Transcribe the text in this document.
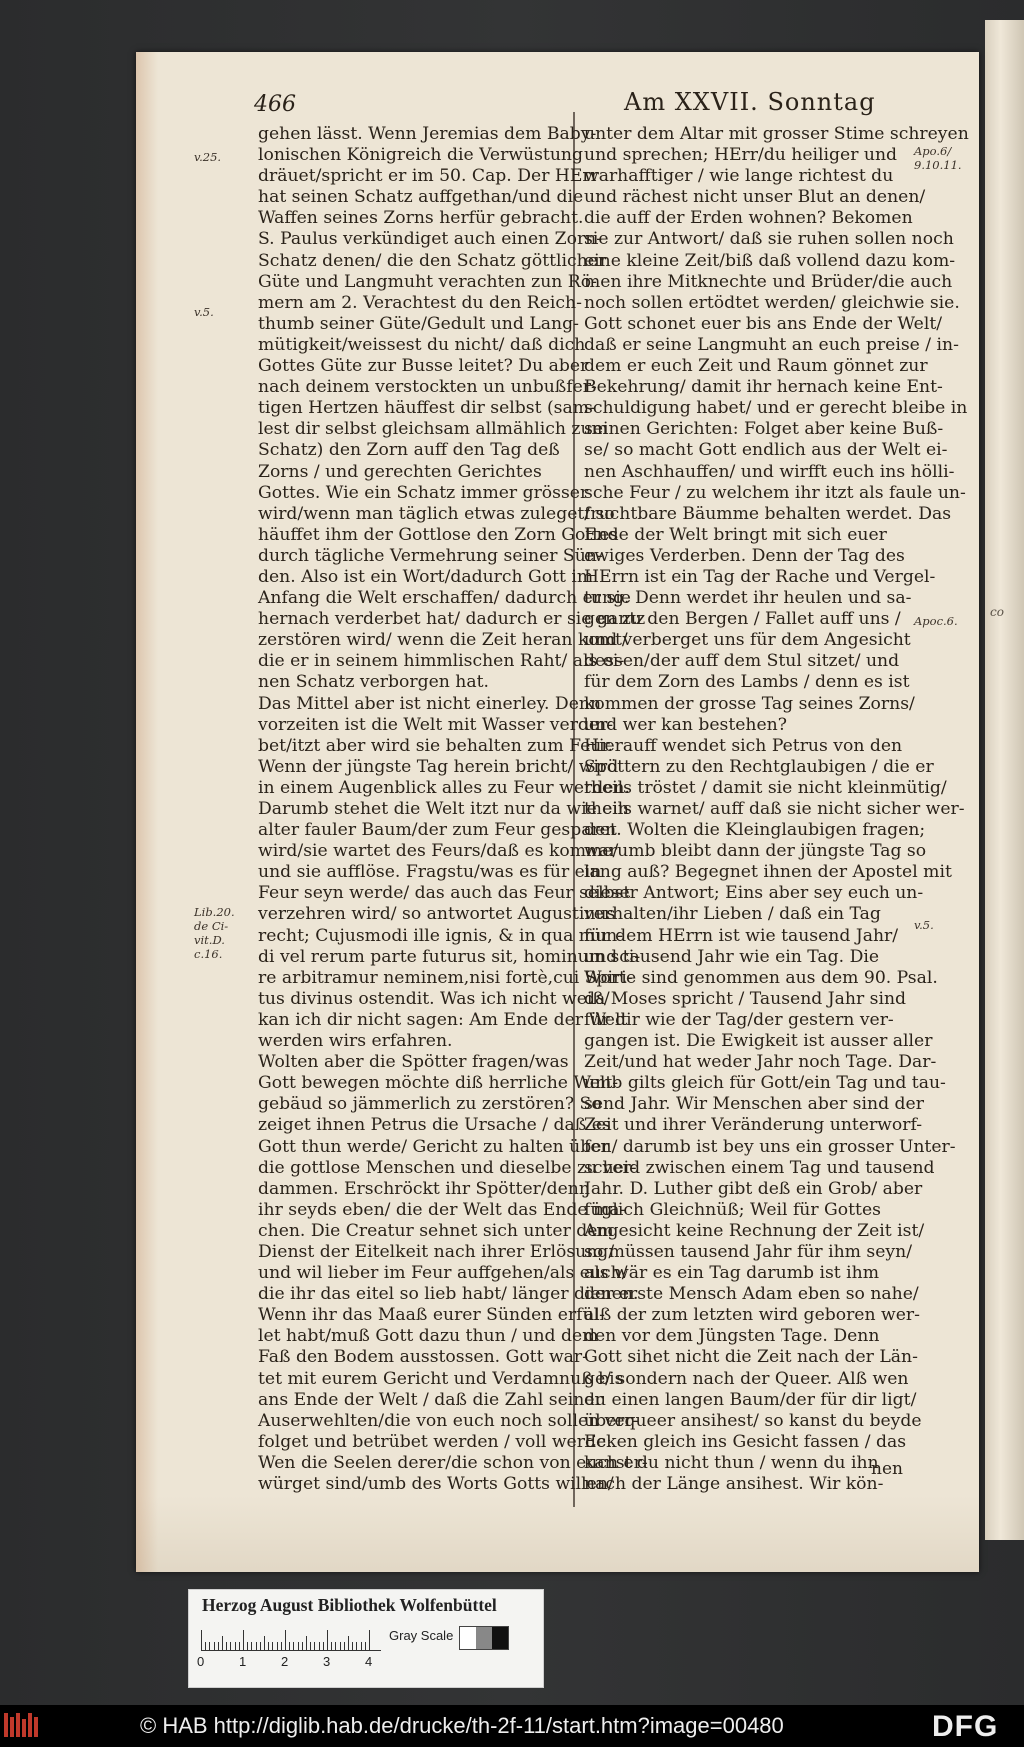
co
466	Am XXVII. Sonntag
gehen lässt. Wenn Jeremias dem Baby-
lonischen Königreich die Verwüstung
dräuet/spricht er im 50. Cap. Der HErr
hat seinen Schatz auffgethan/und die
Waffen seines Zorns herfür gebracht.
S. Paulus verkündiget auch einen Zorn-
Schatz denen/ die den Schatz göttlicher
Güte und Langmuht verachten zun Rö-
mern am 2. Verachtest du den Reich-
thumb seiner Güte/Gedult und Lang-
mütigkeit/weissest du nicht/ daß dich
Gottes Güte zur Busse leitet? Du aber
nach deinem verstockten un unbußfer-
tigen Hertzen häuffest dir selbst (sam-
lest dir selbst gleichsam allmählich zum
Schatz) den Zorn auff den Tag deß
Zorns / und gerechten Gerichtes
Gottes. Wie ein Schatz immer grösser
wird/wenn man täglich etwas zuleget/ so
häuffet ihm der Gottlose den Zorn Gottes
durch tägliche Vermehrung seiner Sün-
den. Also ist ein Wort/dadurch Gott im
Anfang die Welt erschaffen/ dadurch er sie
hernach verderbet hat/ dadurch er sie gantz
zerstören wird/ wenn die Zeit heran komt/
die er in seinem himmlischen Raht/ als ei-
nen Schatz verborgen hat.
Das Mittel aber ist nicht einerley. Denn
vorzeiten ist die Welt mit Wasser verder-
bet/itzt aber wird sie behalten zum Feur.
Wenn der jüngste Tag herein bricht/ wird
in einem Augenblick alles zu Feur werden.
Darumb stehet die Welt itzt nur da wie ein
alter fauler Baum/der zum Feur gesparet
wird/sie wartet des Feurs/daß es komme/
und sie aufflöse. Fragstu/was es für ein
Feur seyn werde/ das auch das Feur selbst
verzehren wird/ so antwortet Augustinus
recht; Cujusmodi ille ignis, & in qua mun-
di vel rerum parte futurus sit, hominum sci-
re arbitramur neminem,nisi fortè,cui Spiri-
tus divinus ostendit. Was ich nicht weiß/
kan ich dir nicht sagen: Am Ende der Welt
werden wirs erfahren.
Wolten aber die Spötter fragen/was
Gott bewegen möchte diß herrliche Welt-
gebäud so jämmerlich zu zerstören? So
zeiget ihnen Petrus die Ursache / daß es
Gott thun werde/ Gericht zu halten über
die gottlose Menschen und dieselbe zu ver-
dammen. Erschröckt ihr Spötter/denn
ihr seyds eben/ die der Welt das Ende ma-
chen. Die Creatur sehnet sich unter dem
Dienst der Eitelkeit nach ihrer Erlösung/
und wil lieber im Feur auffgehen/als euch/
die ihr das eitel so lieb habt/ länger dienen.
Wenn ihr das Maaß eurer Sünden erfül-
let habt/muß Gott dazu thun / und dem
Faß den Bodem ausstossen. Gott war-
tet mit eurem Gericht und Verdamnuß bis
ans Ende der Welt / daß die Zahl seiner
Auserwehlten/die von euch noch sollen ver-
folget und betrübet werden / voll werde:
Wen die Seelen derer/die schon von euch er-
würget sind/umb des Worts Gotts willen/
unter dem Altar mit grosser Stime schreyen
und sprechen; HErr/du heiliger und
warhafftiger / wie lange richtest du
und rächest nicht unser Blut an denen/
die auff der Erden wohnen? Bekomen
sie zur Antwort/ daß sie ruhen sollen noch
eine kleine Zeit/biß daß vollend dazu kom-
men ihre Mitknechte und Brüder/die auch
noch sollen ertödtet werden/ gleichwie sie.
Gott schonet euer bis ans Ende der Welt/
daß er seine Langmuht an euch preise / in-
dem er euch Zeit und Raum gönnet zur
Bekehrung/ damit ihr hernach keine Ent-
schuldigung habet/ und er gerecht bleibe in
seinen Gerichten: Folget aber keine Buß-
se/ so macht Gott endlich aus der Welt ei-
nen Aschhauffen/ und wirfft euch ins hölli-
sche Feur / zu welchem ihr itzt als faule un-
fruchtbare Bäumme behalten werdet. Das
Ende der Welt bringt mit sich euer
ewiges Verderben. Denn der Tag des
HErrn ist ein Tag der Rache und Vergel-
tung. Denn werdet ihr heulen und sa-
gen zu den Bergen / Fallet auff uns /
und verberget uns für dem Angesicht
dessen/der auff dem Stul sitzet/ und
für dem Zorn des Lambs / denn es ist
kommen der grosse Tag seines Zorns/
und wer kan bestehen?
Hierauff wendet sich Petrus von den
Spöttern zu den Rechtglaubigen / die er
theils tröstet / damit sie nicht kleinmütig/
theils warnet/ auff daß sie nicht sicher wer-
den. Wolten die Kleinglaubigen fragen;
warumb bleibt dann der jüngste Tag so
lang auß? Begegnet ihnen der Apostel mit
dieser Antwort; Eins aber sey euch un-
verhalten/ihr Lieben / daß ein Tag
für dem HErrn ist wie tausend Jahr/
und tausend Jahr wie ein Tag. Die
Worte sind genommen aus dem 90. Psal.
da Moses spricht / Tausend Jahr sind
für dir wie der Tag/der gestern ver-
gangen ist. Die Ewigkeit ist ausser aller
Zeit/und hat weder Jahr noch Tage. Dar-
umb gilts gleich für Gott/ein Tag und tau-
send Jahr. Wir Menschen aber sind der
Zeit und ihrer Veränderung unterworf-
fen/ darumb ist bey uns ein grosser Unter-
scheid zwischen einem Tag und tausend
Jahr. D. Luther gibt deß ein Grob/ aber
füglich Gleichnüß; Weil für Gottes
Angesicht keine Rechnung der Zeit ist/
so müssen tausend Jahr für ihm seyn/
als wär es ein Tag darumb ist ihm
der erste Mensch Adam eben so nahe/
alß der zum letzten wird geboren wer-
den vor dem Jüngsten Tage. Denn
Gott sihet nicht die Zeit nach der Län-
ge/ sondern nach der Queer. Alß wen
du einen langen Baum/der für dir ligt/
überqueer ansihest/ so kanst du beyde
Ecken gleich ins Gesicht fassen / das
kanst du nicht thun / wenn du ihn
nach der Länge ansihest. Wir kön-
v.25.
v.5.
Lib.20. de Ci- vit.D. c.16.
Apo.6/ 9.10.11.
Apoc.6.
v.5.
nen
Herzog August Bibliothek Wolfenbüttel
0	1	2	3	4
Gray Scale
© HAB http://diglib.hab.de/drucke/th-2f-11/start.htm?image=00480	DFG
